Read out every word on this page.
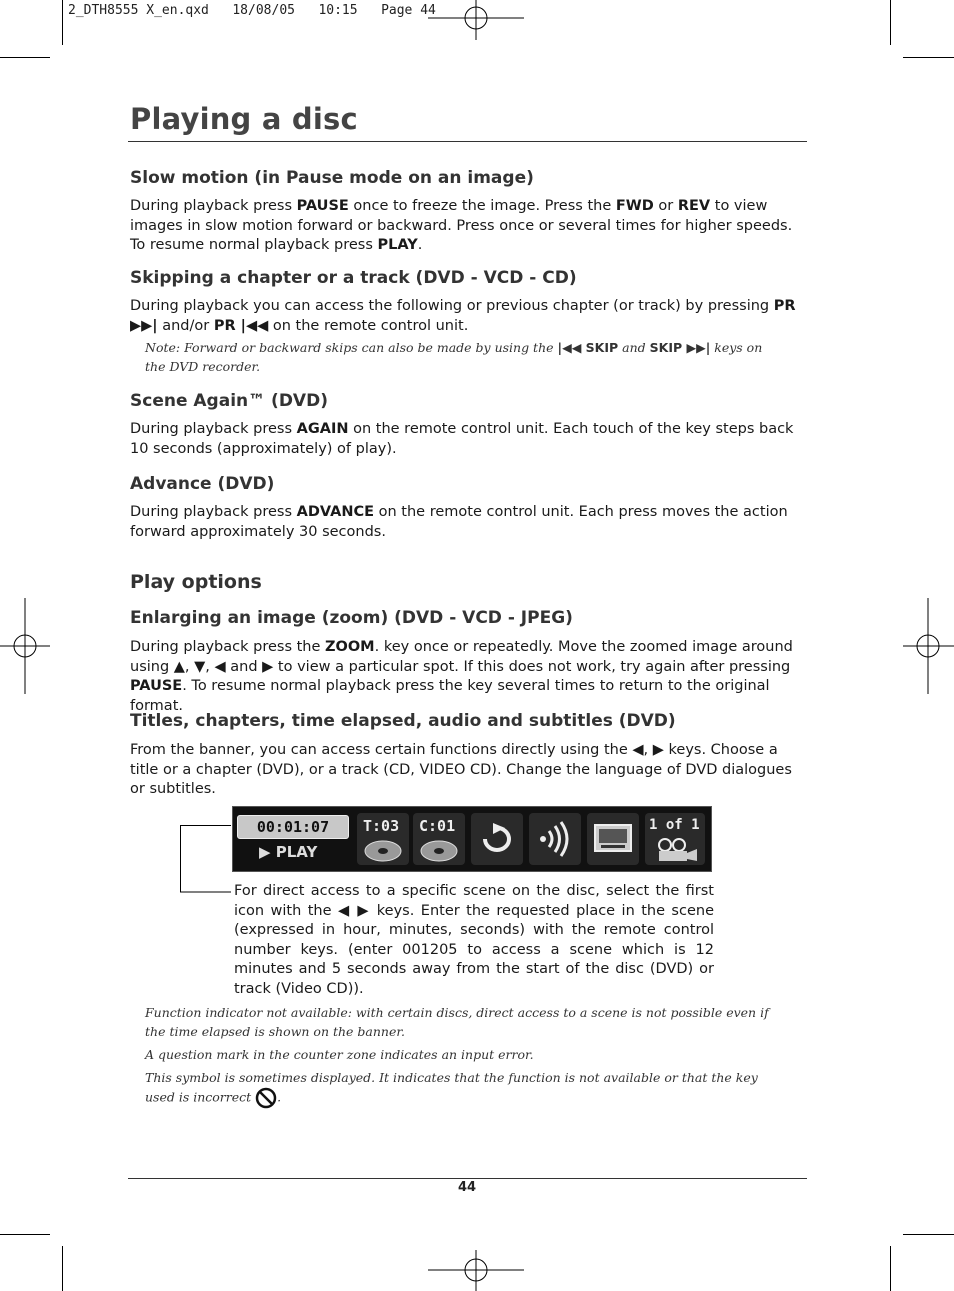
2_DTH8555 X_en.qxd   18/08/05   10:15   Page 44
Playing a disc
Slow motion (in Pause mode on an image)
During playback press PAUSE once to freeze the image. Press the FWD or REV to view images in slow motion forward or backward. Press once or several times for higher speeds. To resume normal playback press PLAY.
Skipping a chapter or a track (DVD - VCD - CD)
During playback you can access the following or previous chapter (or track) by pressing PR ▶▶| and/or PR |◀◀ on the remote control unit.
Note: Forward or backward skips can also be made by using the |◀◀ SKIP and SKIP ▶▶| keys on the DVD recorder.
Scene Again™ (DVD)
During playback press AGAIN on the remote control unit. Each touch of the key steps back 10 seconds (approximately) of play).
Advance (DVD)
During playback press ADVANCE on the remote control unit. Each press moves the action forward approximately 30 seconds.
Play options
Enlarging an image (zoom) (DVD - VCD - JPEG)
During playback press the ZOOM. key once or repeatedly. Move the zoomed image around using ▲, ▼, ◀ and ▶ to view a particular spot. If this does not work, try again after pressing PAUSE. To resume normal playback press the key several times to return to the original format.
Titles, chapters, time elapsed, audio and subtitles (DVD)
From the banner, you can access certain functions directly using the ◀, ▶ keys. Choose a title or a chapter (DVD), or a track (CD, VIDEO CD). Change the language of DVD dialogues or subtitles.
00:01:07
▶ PLAY
T:03 C:01	1 of 1
For direct access to a specific scene on the disc, select the first icon with the ◀ ▶ keys. Enter the requested place in the scene (expressed in hour, minutes, seconds) with the remote control number keys. (enter 001205 to access a scene which is 12 minutes and 5 seconds away from the start of the disc (DVD) or track (Video CD)).
Function indicator not available: with certain discs, direct access to a scene is not possible even if the time elapsed is shown on the banner.
A question mark in the counter zone indicates an input error.
This symbol is sometimes displayed. It indicates that the function is not available or that the key used is incorrect .
44
